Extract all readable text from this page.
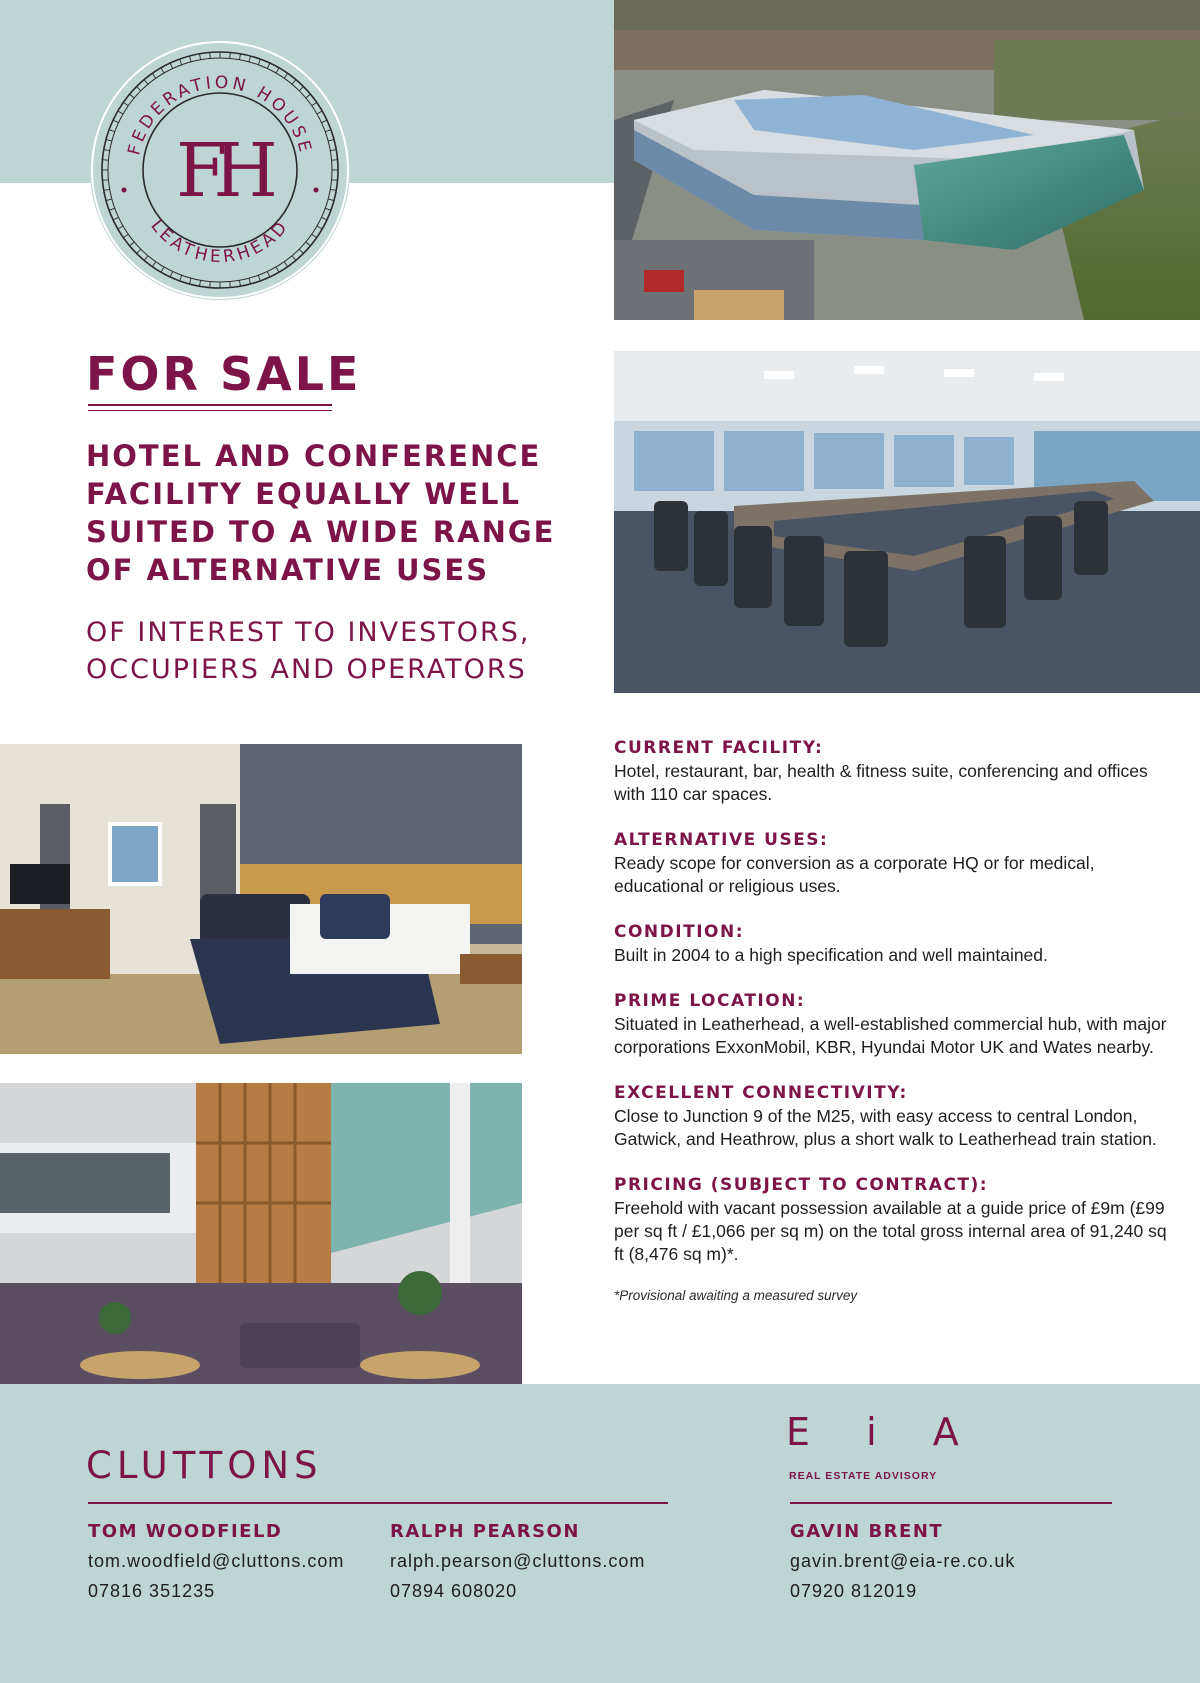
FEDERATION HOUSE
LEATHERHEAD
FH
FOR SALE
HOTEL AND CONFERENCE
FACILITY EQUALLY WELL
SUITED TO A WIDE RANGE
OF ALTERNATIVE USES
OF INTEREST TO INVESTORS,
OCCUPIERS AND OPERATORS
CURRENT FACILITY:
Hotel, restaurant, bar, health & fitness suite, conferencing and offices with 110 car spaces.
ALTERNATIVE USES:
Ready scope for conversion as a corporate HQ or for medical, educational or religious uses.
CONDITION:
Built in 2004 to a high specification and well maintained.
PRIME LOCATION:
Situated in Leatherhead, a well-established commercial hub, with major corporations ExxonMobil, KBR, Hyundai Motor UK and Wates nearby.
EXCELLENT CONNECTIVITY:
Close to Junction 9 of the M25, with easy access to central London, Gatwick, and Heathrow, plus a short walk to Leatherhead train station.
PRICING (SUBJECT TO CONTRACT):
Freehold with vacant possession available at a guide price of £9m (£99 per sq ft / £1,066 per sq m) on the total gross internal area of 91,240 sq ft (8,476 sq m)*.
*Provisional awaiting a measured survey
CLUTTONS
E i A
REAL ESTATE ADVISORY
TOM WOODFIELD
tom.woodfield@cluttons.com
07816 351235
RALPH PEARSON
ralph.pearson@cluttons.com
07894 608020
GAVIN BRENT
gavin.brent@eia-re.co.uk
07920 812019
